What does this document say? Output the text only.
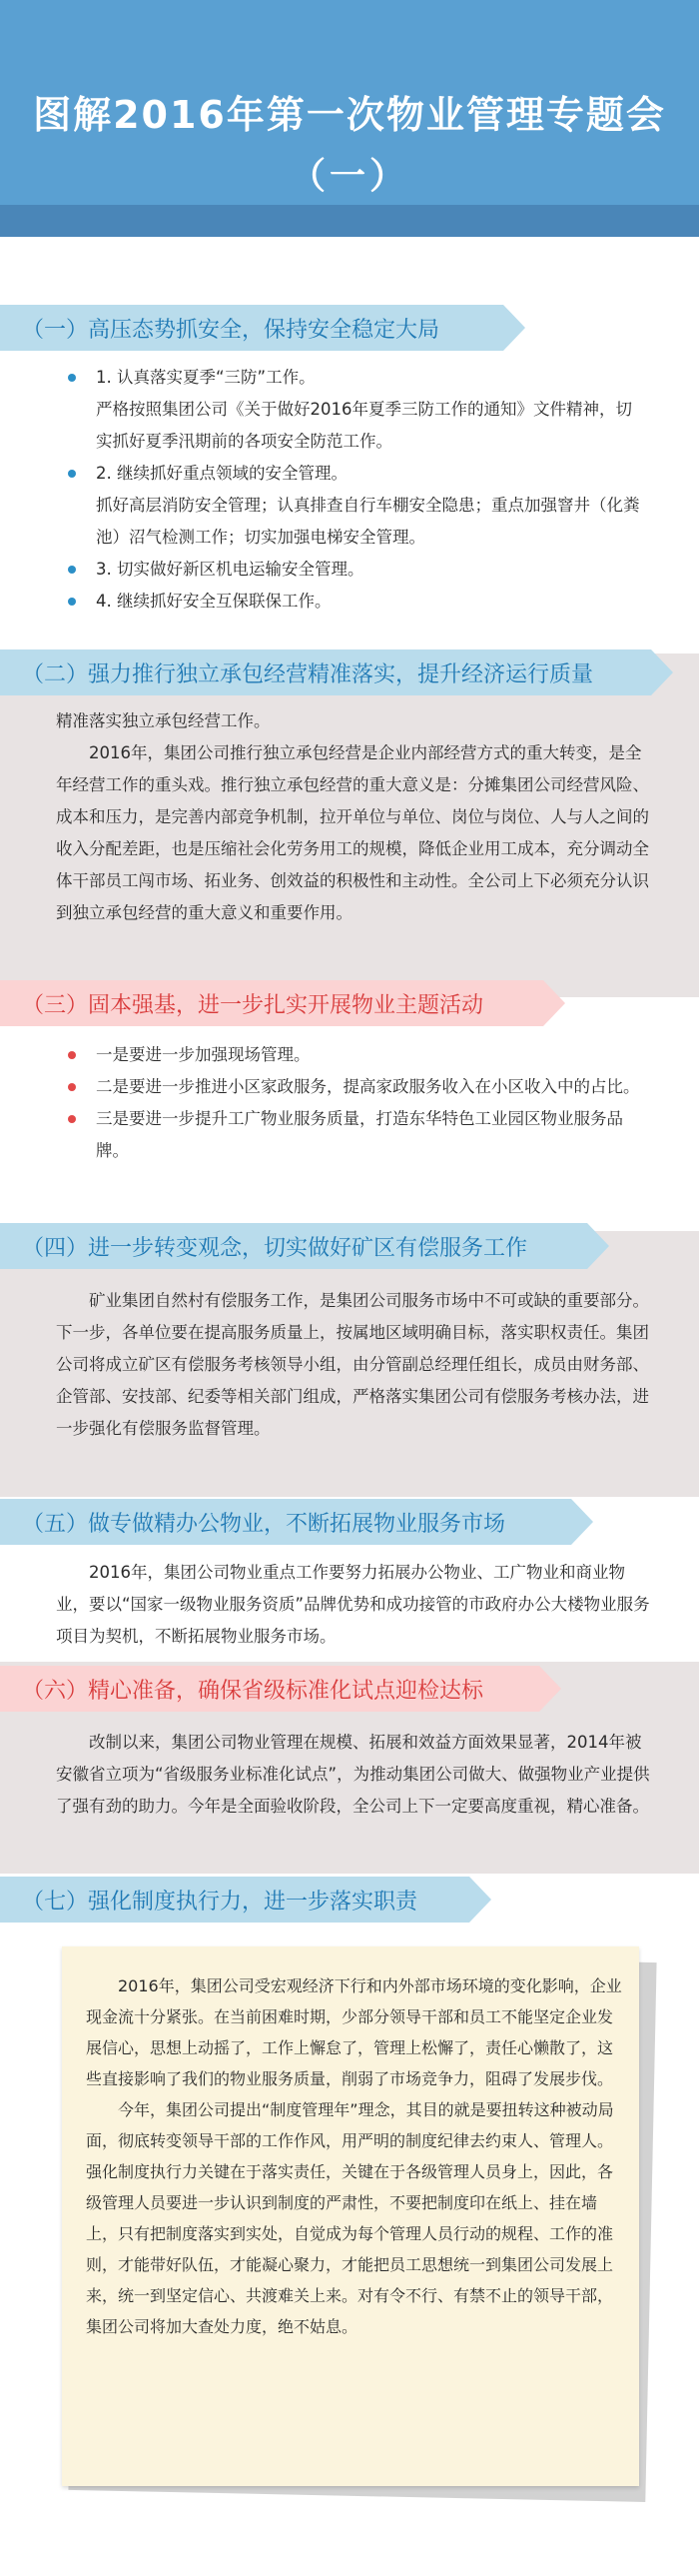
图解2016年第一次物业管理专题会
（一）
（一）高压态势抓安全，保持安全稳定大局
1. 认真落实夏季“三防”工作。

严格按照集团公司《关于做好2016年夏季三防工作的通知》文件精神，切实抓好夏季汛期前的各项安全防范工作。

2. 继续抓好重点领域的安全管理。

抓好高层消防安全管理；认真排查自行车棚安全隐患；重点加强窨井（化粪池）沼气检测工作；切实加强电梯安全管理。

3. 切实做好新区机电运输安全管理。
4. 继续抓好安全互保联保工作。
（二）强力推行独立承包经营精准落实，提升经济运行质量

精准落实独立承包经营工作。

2016年，集团公司推行独立承包经营是企业内部经营方式的重大转变，是全年经营工作的重头戏。推行独立承包经营的重大意义是：分摊集团公司经营风险、成本和压力，是完善内部竞争机制，拉开单位与单位、岗位与岗位、人与人之间的收入分配差距，也是压缩社会化劳务用工的规模，降低企业用工成本，充分调动全体干部员工闯市场、拓业务、创效益的积极性和主动性。全公司上下必须充分认识到独立承包经营的重大意义和重要作用。

（三）固本强基，进一步扎实开展物业主题活动
一是要进一步加强现场管理。
二是要进一步推进小区家政服务，提高家政服务收入在小区收入中的占比。
三是要进一步提升工广物业服务质量，打造东华特色工业园区物业服务品牌。
（四）进一步转变观念，切实做好矿区有偿服务工作

矿业集团自然村有偿服务工作，是集团公司服务市场中不可或缺的重要部分。下一步，各单位要在提高服务质量上，按属地区域明确目标，落实职权责任。集团公司将成立矿区有偿服务考核领导小组，由分管副总经理任组长，成员由财务部、企管部、安技部、纪委等相关部门组成，严格落实集团公司有偿服务考核办法，进一步强化有偿服务监督管理。

（五）做专做精办公物业，不断拓展物业服务市场

2016年，集团公司物业重点工作要努力拓展办公物业、工广物业和商业物业，要以“国家一级物业服务资质”品牌优势和成功接管的市政府办公大楼物业服务项目为契机，不断拓展物业服务市场。

（六）精心准备，确保省级标准化试点迎检达标

改制以来，集团公司物业管理在规模、拓展和效益方面效果显著，2014年被安徽省立项为“省级服务业标准化试点”，为推动集团公司做大、做强物业产业提供了强有劲的助力。今年是全面验收阶段，全公司上下一定要高度重视，精心准备。

（七）强化制度执行力，进一步落实职责

2016年，集团公司受宏观经济下行和内外部市场环境的变化影响，企业现金流十分紧张。在当前困难时期，少部分领导干部和员工不能坚定企业发展信心，思想上动摇了，工作上懈怠了，管理上松懈了，责任心懒散了，这些直接影响了我们的物业服务质量，削弱了市场竞争力，阻碍了发展步伐。

今年，集团公司提出“制度管理年”理念，其目的就是要扭转这种被动局面，彻底转变领导干部的工作作风，用严明的制度纪律去约束人、管理人。强化制度执行力关键在于落实责任，关键在于各级管理人员身上，因此，各级管理人员要进一步认识到制度的严肃性，不要把制度印在纸上、挂在墙上，只有把制度落实到实处，自觉成为每个管理人员行动的规程、工作的准则，才能带好队伍，才能凝心聚力，才能把员工思想统一到集团公司发展上来，统一到坚定信心、共渡难关上来。对有令不行、有禁不止的领导干部，集团公司将加大查处力度，绝不姑息。
